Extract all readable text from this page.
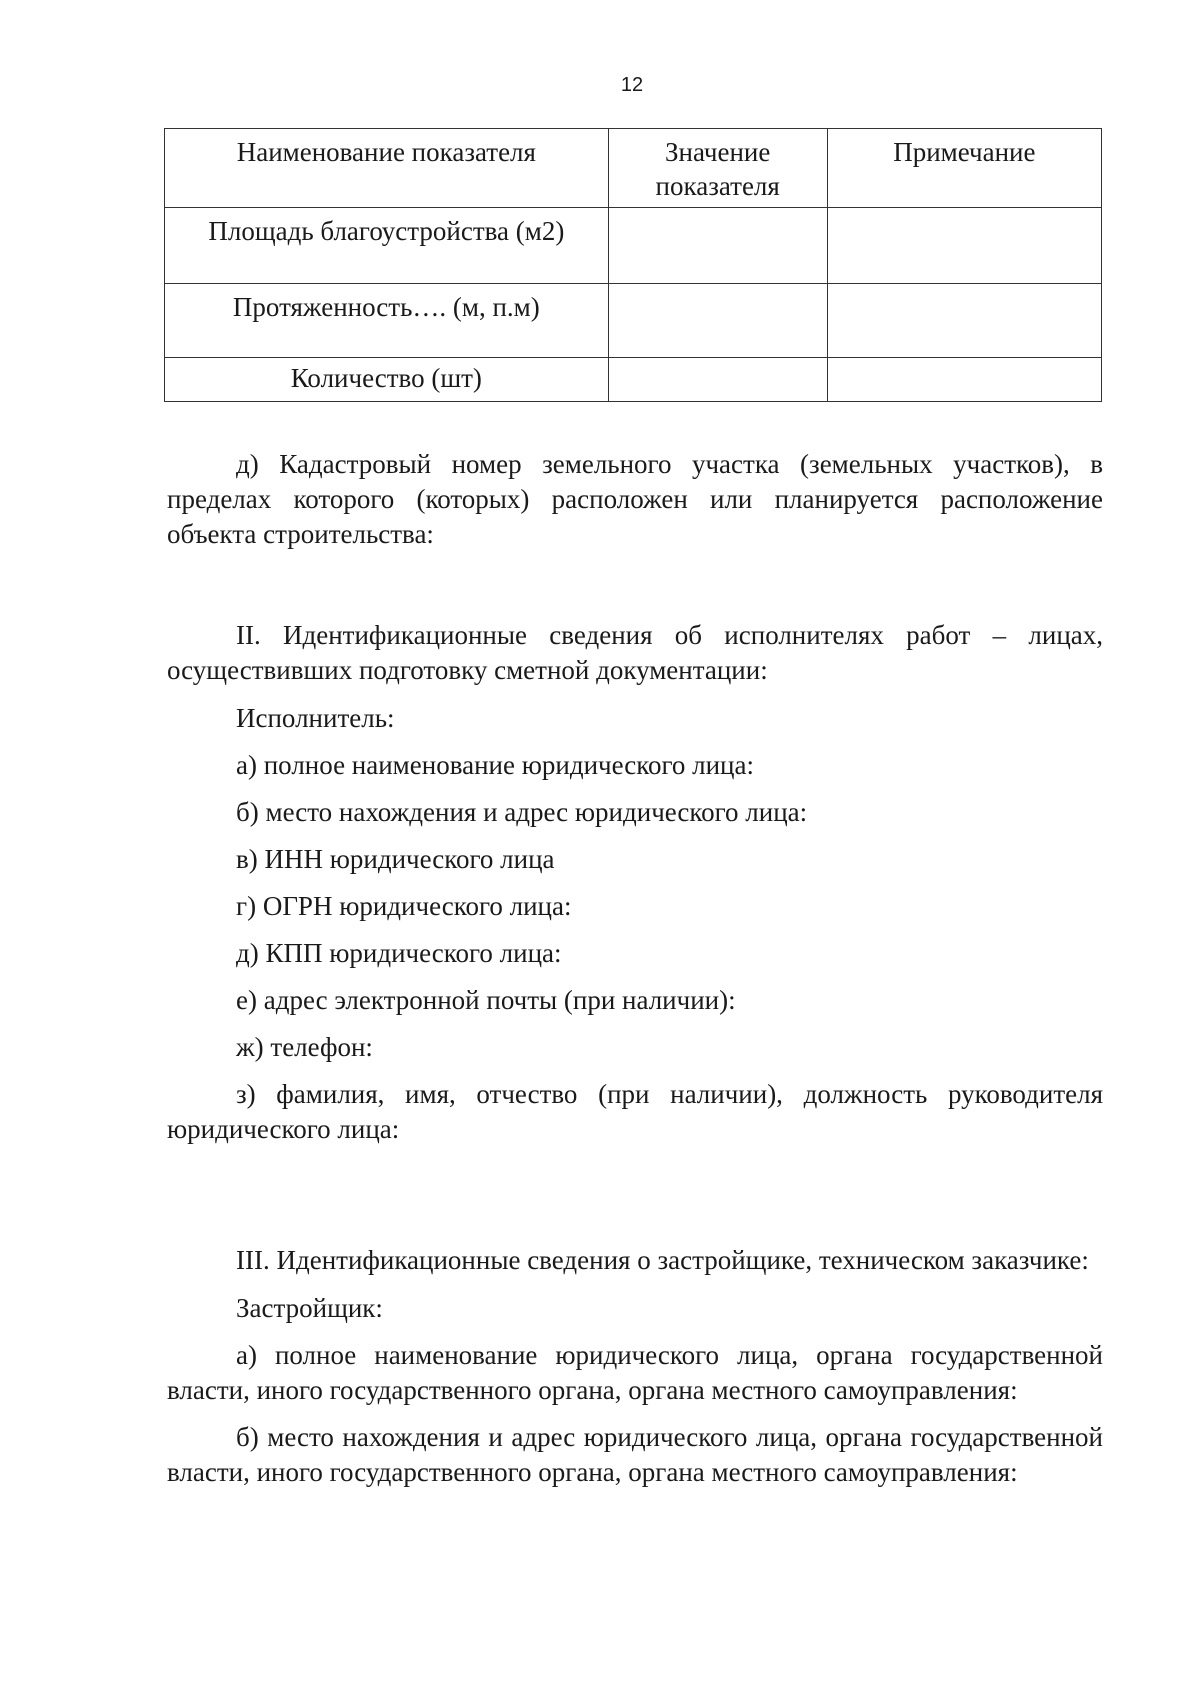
12
Наименование показателя	Значение показателя	Примечание
Площадь благоустройства (м2)		
Протяженность…. (м, п.м)		
Количество (шт)		

д) Кадастровый номер земельного участка (земельных участков), в пределах которого (которых) расположен или планируется расположение объекта строительства:

II. Идентификационные сведения об исполнителях работ – лицах, осуществивших подготовку сметной документации:

Исполнитель:

а) полное наименование юридического лица:

б) место нахождения и адрес юридического лица:

в) ИНН юридического лица

г) ОГРН юридического лица:

д) КПП юридического лица:

е) адрес электронной почты (при наличии):

ж) телефон:

з) фамилия, имя, отчество (при наличии), должность руководителя юридического лица:

III. Идентификационные сведения о застройщике, техническом заказчике:

Застройщик:

а) полное наименование юридического лица, органа государственной власти, иного государственного органа, органа местного самоуправления:

б) место нахождения и адрес юридического лица, органа государственной власти, иного государственного органа, органа местного самоуправления:
